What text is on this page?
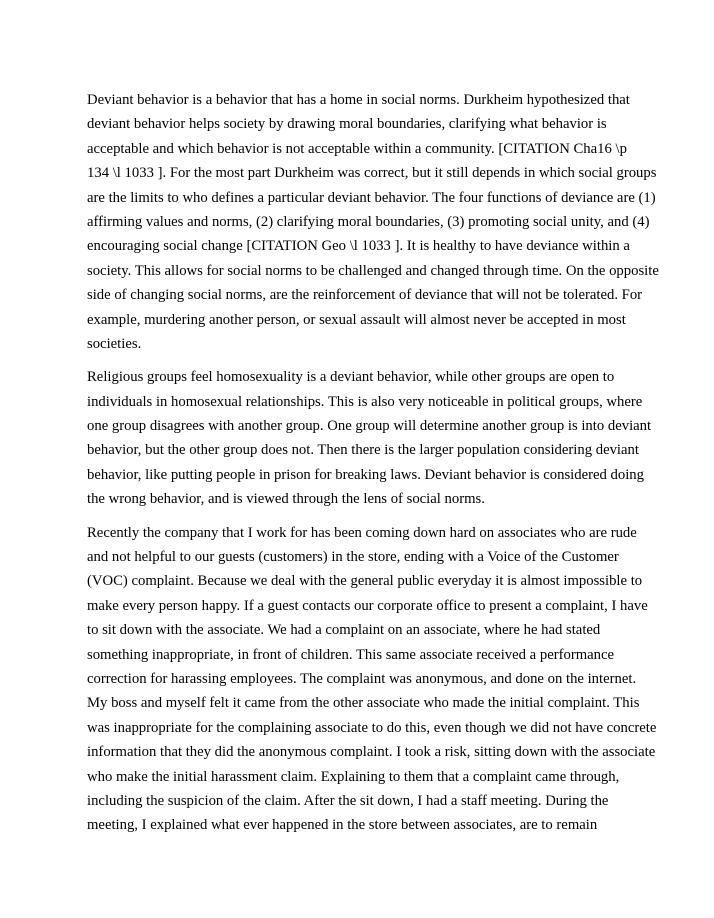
Deviant behavior is a behavior that has a home in social norms. Durkheim hypothesized that
deviant behavior helps society by drawing moral boundaries, clarifying what behavior is
acceptable and which behavior is not acceptable within a community. [CITATION Cha16 \p
134 \l 1033 ]. For the most part Durkheim was correct, but it still depends in which social groups
are the limits to who defines a particular deviant behavior. The four functions of deviance are (1)
affirming values and norms, (2) clarifying moral boundaries, (3) promoting social unity, and (4)
encouraging social change [CITATION Geo \l 1033 ]. It is healthy to have deviance within a
society. This allows for social norms to be challenged and changed through time. On the opposite
side of changing social norms, are the reinforcement of deviance that will not be tolerated. For
example, murdering another person, or sexual assault will almost never be accepted in most
societies.

Religious groups feel homosexuality is a deviant behavior, while other groups are open to
individuals in homosexual relationships. This is also very noticeable in political groups, where
one group disagrees with another group. One group will determine another group is into deviant
behavior, but the other group does not. Then there is the larger population considering deviant
behavior, like putting people in prison for breaking laws. Deviant behavior is considered doing
the wrong behavior, and is viewed through the lens of social norms.

Recently the company that I work for has been coming down hard on associates who are rude
and not helpful to our guests (customers) in the store, ending with a Voice of the Customer
(VOC) complaint. Because we deal with the general public everyday it is almost impossible to
make every person happy. If a guest contacts our corporate office to present a complaint, I have
to sit down with the associate. We had a complaint on an associate, where he had stated
something inappropriate, in front of children. This same associate received a performance
correction for harassing employees. The complaint was anonymous, and done on the internet.
My boss and myself felt it came from the other associate who made the initial complaint. This
was inappropriate for the complaining associate to do this, even though we did not have concrete
information that they did the anonymous complaint. I took a risk, sitting down with the associate
who make the initial harassment claim. Explaining to them that a complaint came through,
including the suspicion of the claim. After the sit down, I had a staff meeting. During the
meeting, I explained what ever happened in the store between associates, are to remain
